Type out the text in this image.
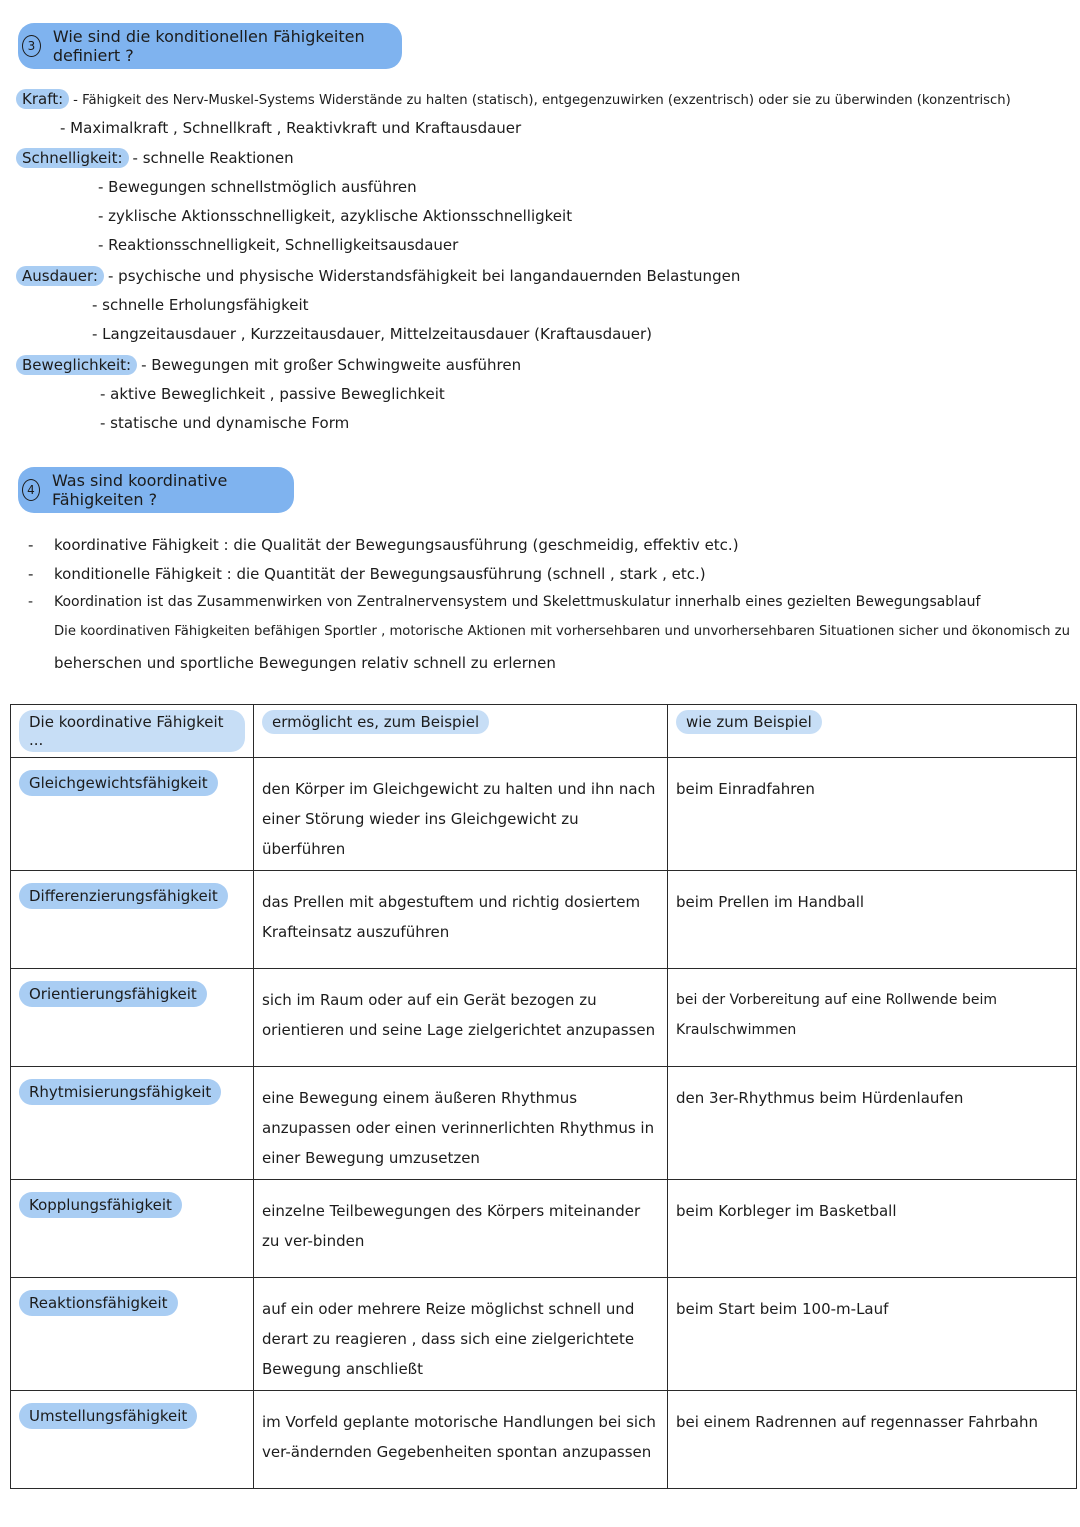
3	Wie sind die konditionellen Fähigkeiten definiert ?
Kraft: - Fähigkeit des Nerv-Muskel-Systems Widerstände zu halten (statisch), entgegenzuwirken (exzentrisch) oder sie zu überwinden (konzentrisch)
- Maximalkraft , Schnellkraft , Reaktivkraft und Kraftausdauer
Schnelligkeit: - schnelle Reaktionen
- Bewegungen schnellstmöglich ausführen
- zyklische Aktionsschnelligkeit, azyklische Aktionsschnelligkeit
- Reaktionsschnelligkeit, Schnelligkeitsausdauer
Ausdauer: - psychische und physische Widerstandsfähigkeit bei langandauernden Belastungen
- schnelle Erholungsfähigkeit
- Langzeitausdauer , Kurzzeitausdauer, Mittelzeitausdauer (Kraftausdauer)
Beweglichkeit: - Bewegungen mit großer Schwingweite ausführen
- aktive Beweglichkeit , passive Beweglichkeit
- statische und dynamische Form
4	Was sind koordinative Fähigkeiten ?
- koordinative Fähigkeit : die Qualität der Bewegungsausführung (geschmeidig, effektiv etc.)
- konditionelle Fähigkeit : die Quantität der Bewegungsausführung (schnell , stark , etc.)
- Koordination ist das Zusammenwirken von Zentralnervensystem und Skelettmuskulatur innerhalb eines gezielten Bewegungsablauf
Die koordinativen Fähigkeiten befähigen Sportler , motorische Aktionen mit vorhersehbaren und unvorhersehbaren Situationen sicher und ökonomisch zu
beherschen und sportliche Bewegungen relativ schnell zu erlernen
Die koordinative Fähigkeit ...	ermöglicht es, zum Beispiel	wie zum Beispiel
Gleichgewichtsfähigkeit	den Körper im Gleichgewicht zu halten und ihn nach einer Störung wieder ins Gleichgewicht zu überführen	beim Einradfahren
Differenzierungsfähigkeit	das Prellen mit abgestuftem und richtig dosiertem Krafteinsatz auszuführen	beim Prellen im Handball
Orientierungsfähigkeit	sich im Raum oder auf ein Gerät bezogen zu orientieren und seine Lage zielgerichtet anzupassen	bei der Vorbereitung auf eine Rollwende beim Kraulschwimmen
Rhytmisierungsfähigkeit	eine Bewegung einem äußeren Rhythmus anzupassen oder einen verinnerlichten Rhythmus in einer Bewegung umzusetzen	den 3er-Rhythmus beim Hürdenlaufen
Kopplungsfähigkeit	einzelne Teilbewegungen des Körpers miteinander zu ver-binden	beim Korbleger im Basketball
Reaktionsfähigkeit	auf ein oder mehrere Reize möglichst schnell und derart zu reagieren , dass sich eine zielgerichtete Bewegung anschließt	beim Start beim 100-m-Lauf
Umstellungsfähigkeit	im Vorfeld geplante motorische Handlungen bei sich ver-ändernden Gegebenheiten spontan anzupassen	bei einem Radrennen auf regennasser Fahrbahn
